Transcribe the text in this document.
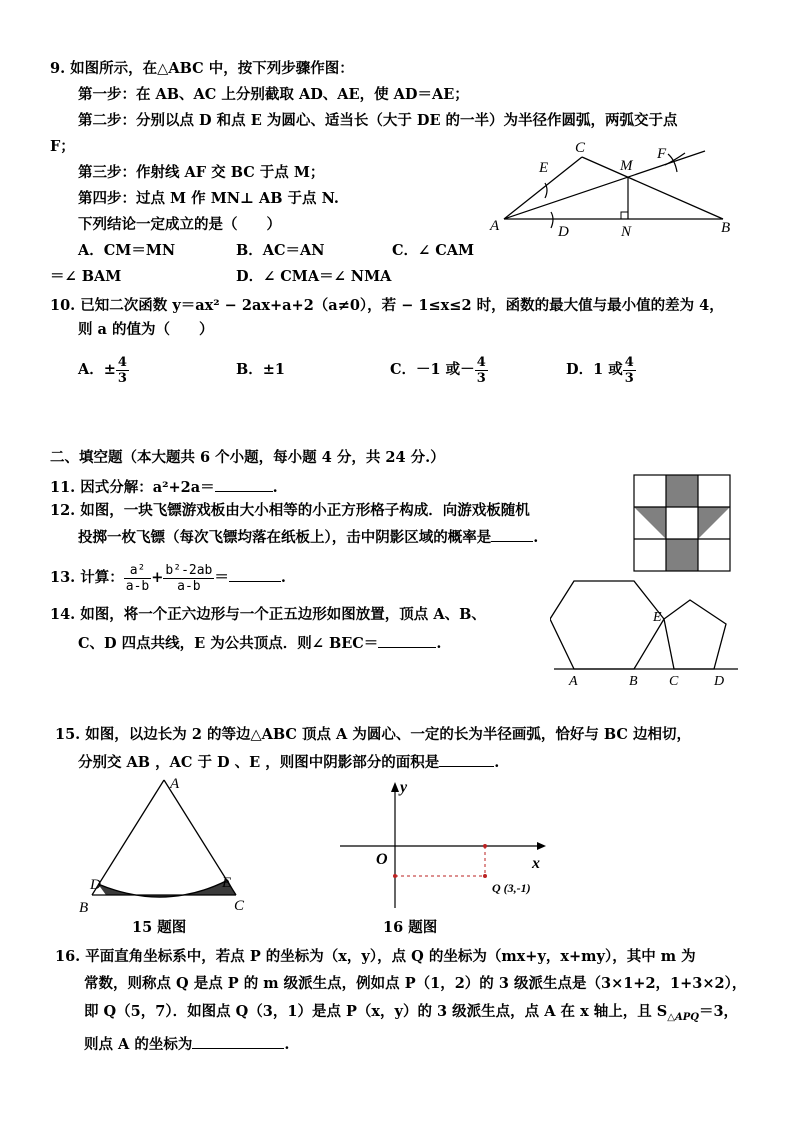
9. 如图所示，在△ABC 中，按下列步骤作图：
第一步：在 AB、AC 上分别截取 AD、AE，使 AD＝AE；
第二步：分别以点 D 和点 E 为圆心、适当长（大于 DE 的一半）为半径作圆弧，两弧交于点
F；
第三步：作射线 AF 交 BC 于点 M；
第四步：过点 M 作 MN⊥ AB 于点 N.
下列结论一定成立的是（　　）
A．CM＝MN	B．AC＝AN	C．∠ CAM
＝∠ BAM	D．∠ CMA＝∠ NMA
C
M
F
E
A	D	N	B
10. 已知二次函数 y＝ax² − 2ax+a+2（a≠0），若 − 1≤x≤2 时，函数的最大值与最小值的差为 4，
则 a 的值为（　　）
A．± $\frac{4}{3}$	B．±1	C．－1 或－ $\frac{4}{3}$	D．1 或 $\frac{4}{3}$
二、填空题（本大题共 6 个小题，每小题 4 分，共 24 分.）
11. 因式分解：a²+2a＝	.
12. 如图，一块飞镖游戏板由大小相等的小正方形格子构成．向游戏板随机
投掷一枚飞镖（每次飞镖均落在纸板上），击中阴影区域的概率是	.
13. 计算： $\frac{\text{a²}}{a-b} + \frac{\text{b²-2ab}}{a-b}$ ＝	.
14. 如图，将一个正六边形与一个正五边形如图放置，顶点 A、B、
C、D 四点共线，E 为公共顶点．则∠ BEC＝	.
E
A	B C	D
15. 如图，以边长为 2 的等边△ABC 顶点 A 为圆心、一定的长为半径画弧，恰好与 BC 边相切，
分别交 AB ，AC 于 D 、E ，则图中阴影部分的面积是	.
A
D	E
B	C
15 题图
y
x
O
Q (3,-1)
16 题图
16. 平面直角坐标系中，若点 P 的坐标为（x，y），点 Q 的坐标为（mx+y，x+my），其中 m 为
常数，则称点 Q 是点 P 的 m 级派生点，例如点 P（1，2）的 3 级派生点是（3×1+2，1+3×2），
即 Q（5，7）．如图点 Q（3，1）是点 P（x，y）的 3 级派生点，点 A 在 x 轴上，且 $S_{\triangle APQ}=3$，
则点 A 的坐标为	.
